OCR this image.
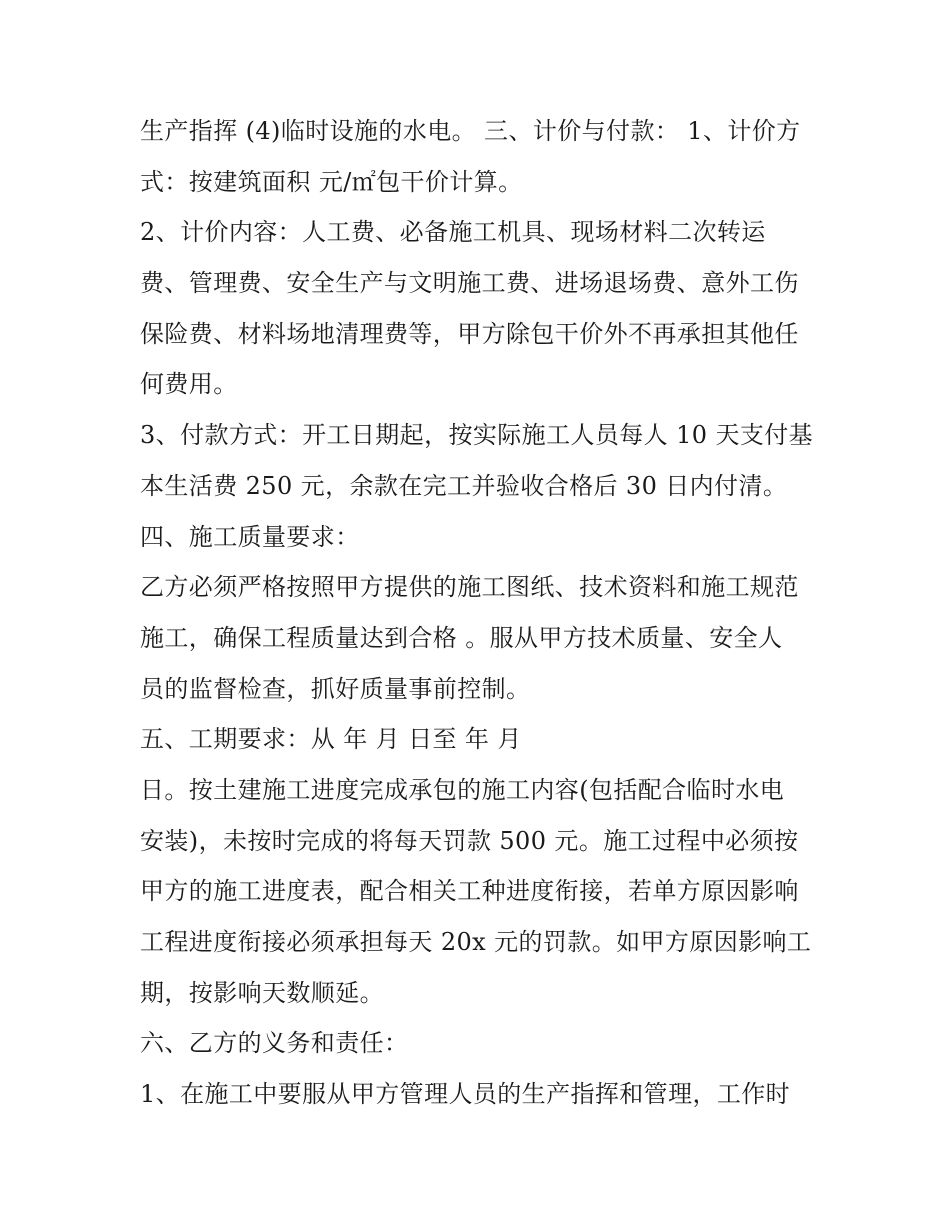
生产指挥 (4)临时设施的水电。 三、计价与付款： 1、计价方
式：按建筑面积 元/㎡包干价计算。
2、计价内容：人工费、必备施工机具、现场材料二次转运
费、管理费、安全生产与文明施工费、进场退场费、意外工伤
保险费、材料场地清理费等，甲方除包干价外不再承担其他任
何费用。
3、付款方式：开工日期起，按实际施工人员每人 10 天支付基
本生活费 250 元，余款在完工并验收合格后 30 日内付清。
四、施工质量要求：
乙方必须严格按照甲方提供的施工图纸、技术资料和施工规范
施工，确保工程质量达到合格 。服从甲方技术质量、安全人
员的监督检查，抓好质量事前控制。
五、工期要求：从 年 月 日至 年 月
日。按土建施工进度完成承包的施工内容(包括配合临时水电
安装)，未按时完成的将每天罚款 500 元。施工过程中必须按
甲方的施工进度表，配合相关工种进度衔接，若单方原因影响
工程进度衔接必须承担每天 20x 元的罚款。如甲方原因影响工
期，按影响天数顺延。
六、乙方的义务和责任：
1、在施工中要服从甲方管理人员的生产指挥和管理，工作时
